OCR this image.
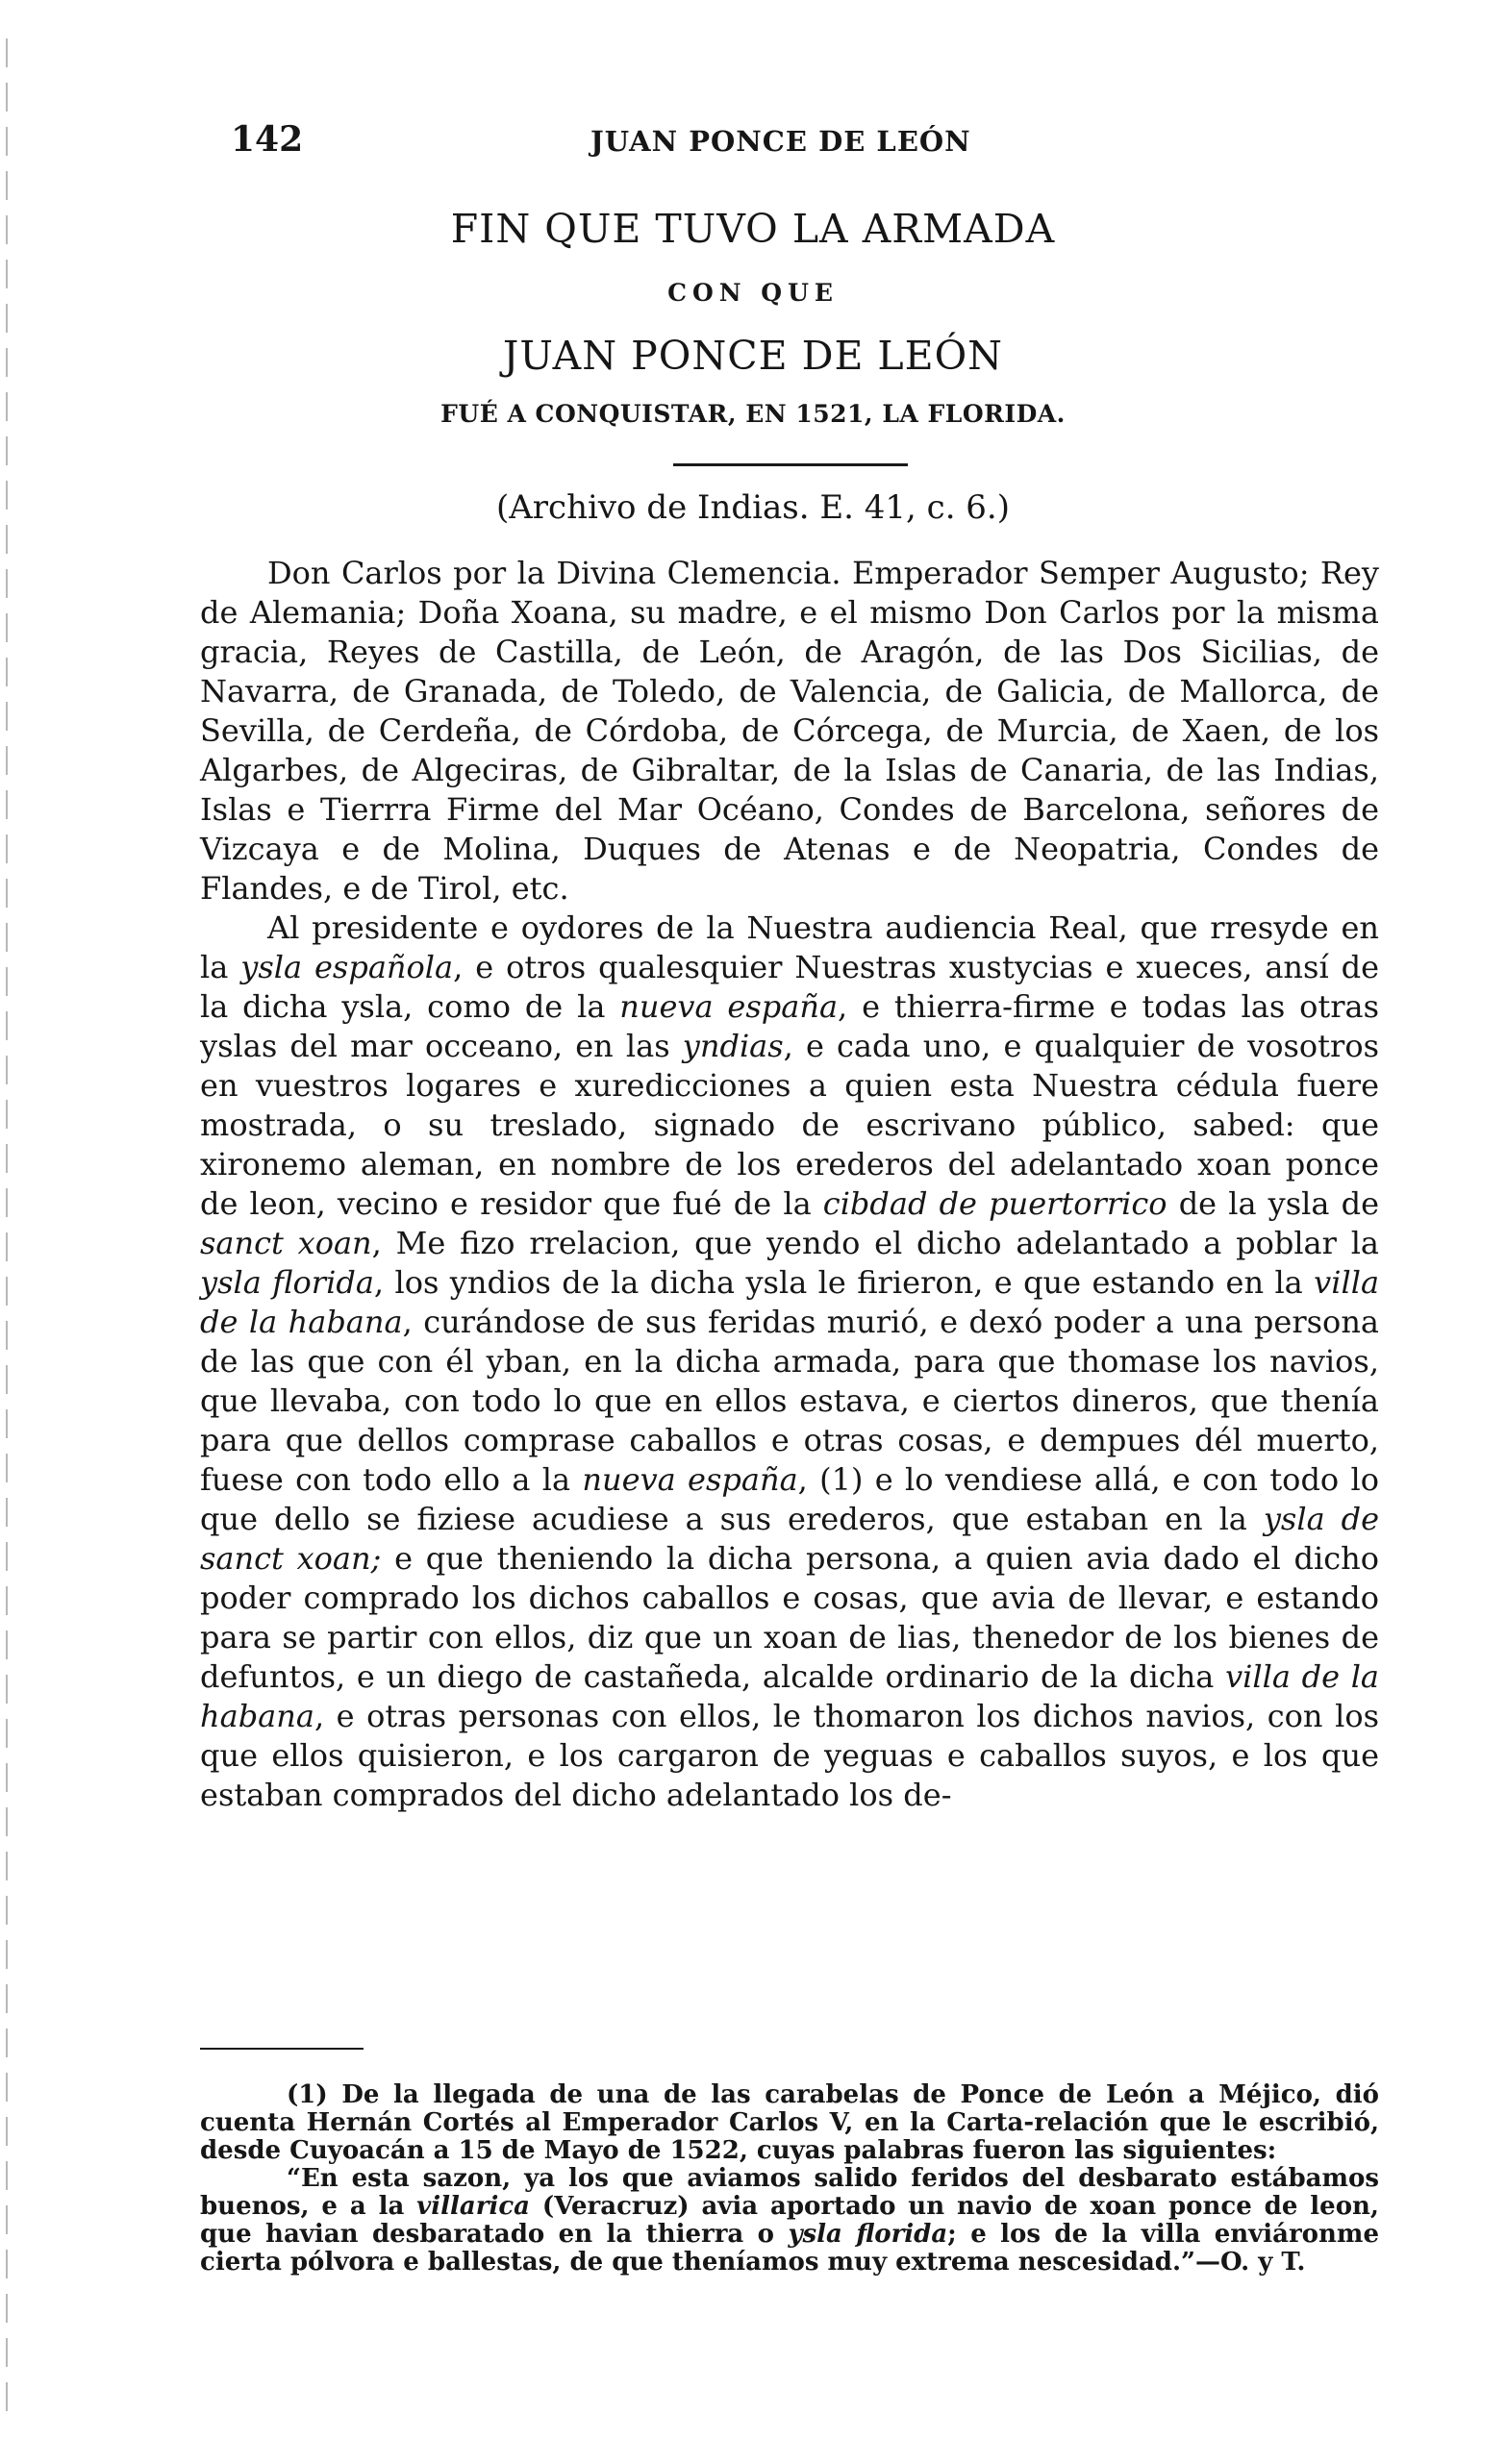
142	JUAN PONCE DE LEÓN
FIN QUE TUVO LA ARMADA
CON QUE
JUAN PONCE DE LEÓN
FUÉ A CONQUISTAR, EN 1521, LA FLORIDA.
(Archivo de Indias. E. 41, c. 6.)

Don Carlos por la Divina Clemencia. Emperador Semper Augusto; Rey de Alemania; Doña Xoana, su madre, e el mismo Don Carlos por la misma gracia, Reyes de Castilla, de León, de Aragón, de las Dos Sicilias, de Navarra, de Granada, de Toledo, de Valencia, de Galicia, de Mallorca, de Sevilla, de Cerdeña, de Córdoba, de Córcega, de Murcia, de Xaen, de los Algarbes, de Algeciras, de Gibraltar, de la Islas de Canaria, de las Indias, Islas e Tierrra Firme del Mar Océano, Condes de Barcelona, señores de Vizcaya e de Molina, Duques de Atenas e de Neopatria, Condes de Flandes, e de Tirol, etc.

Al presidente e oydores de la Nuestra audiencia Real, que rresyde en la ysla española, e otros qualesquier Nuestras xustycias e xueces, ansí de la dicha ysla, como de la nueva españa, e thierra-firme e todas las otras yslas del mar occeano, en las yndias, e cada uno, e qualquier de vosotros en vuestros logares e xuredicciones a quien esta Nuestra cédula fuere mostrada, o su treslado, signado de escrivano público, sabed: que xironemo aleman, en nombre de los erederos del adelantado xoan ponce de leon, vecino e residor que fué de la cibdad de puertorrico de la ysla de sanct xoan, Me fizo rrelacion, que yendo el dicho adelantado a poblar la ysla florida, los yndios de la dicha ysla le firieron, e que estando en la villa de la habana, curándose de sus feridas murió, e dexó poder a una persona de las que con él yban, en la dicha armada, para que thomase los navios, que llevaba, con todo lo que en ellos estava, e ciertos dineros, que thenía para que dellos comprase caballos e otras cosas, e dempues dél muerto, fuese con todo ello a la nueva españa, (1) e lo vendiese allá, e con todo lo que dello se fiziese acudiese a sus erederos, que estaban en la ysla de sanct xoan; e que theniendo la dicha persona, a quien avia dado el dicho poder comprado los dichos caballos e cosas, que avia de llevar, e estando para se partir con ellos, diz que un xoan de lias, thenedor de los bienes de defuntos, e un diego de castañeda, alcalde ordinario de la dicha villa de la habana, e otras personas con ellos, le thomaron los dichos navios, con los que ellos quisieron, e los cargaron de yeguas e caballos suyos, e los que estaban comprados del dicho adelantado los de-

(1) De la llegada de una de las carabelas de Ponce de León a Méjico, dió cuenta Hernán Cortés al Emperador Carlos V, en la Carta-relación que le escribió, desde Cuyoacán a 15 de Mayo de 1522, cuyas palabras fueron las siguientes:

“En esta sazon, ya los que aviamos salido feridos del desbarato estábamos buenos, e a la villarica (Veracruz) avia aportado un navio de xoan ponce de leon, que havian desbaratado en la thierra o ysla florida; e los de la villa enviáronme cierta pólvora e ballestas, de que theníamos muy extrema nescesidad.”—O. y T.
